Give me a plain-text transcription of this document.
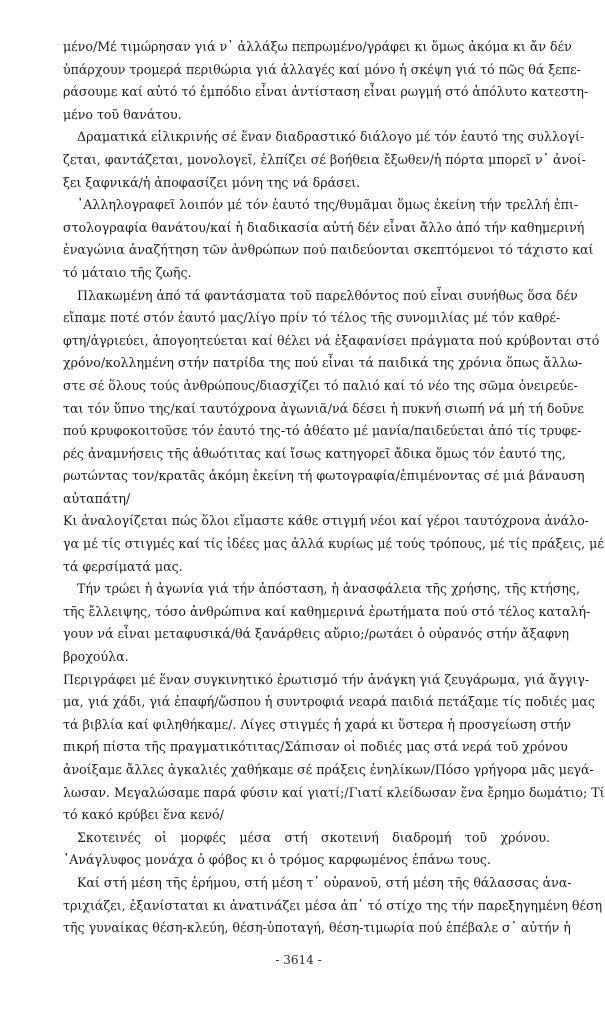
μένο/Μέ τιμώρησαν γιά ν᾽ ἀλλάξω πεπρωμένο/γράφει κι ὅμως ἀκόμα κι ἄν δέν
ὑπάρχουν τρομερά περιθώρια γιά ἀλλαγές καί μόνο ἡ σκέψη γιά τό πῶς θά ξεπε-
ράσουμε καί αὐτό τό ἐμπόδιο εἶναι ἀντίσταση εἶναι ρωγμή στό ἀπόλυτο κατεστη-
μένο τοῦ θανάτου.
Δραματικά εἰλικρινής σέ ἕναν διαδραστικό διάλογο μέ τόν ἑαυτό της συλλογί-
ζεται, φαντάζεται, μονολογεῖ, ἐλπίζει σέ βοήθεια ἔξωθεν/ἡ πόρτα μπορεῖ ν᾽ ἀνοί-
ξει ξαφνικά/ἡ ἀποφασίζει μόνη της νά δράσει.
᾽Αλληλογραφεῖ λοιπόν μέ τόν ἑαυτό της/θυμᾶμαι ὅμως ἐκείνη τήν τρελλή ἐπι-
στολογραφία θανάτου/καί ἡ διαδικασία αὐτή δέν εἶναι ἄλλο ἀπό τήν καθημερινή
ἐναγώνια ἀναζήτηση τῶν ἀνθρώπων πού παιδεύονται σκεπτόμενοι τό τάχιστο καί
τό μάταιο τῆς ζωῆς.
Πλακωμένη ἀπό τά φαντάσματα τοῦ παρελθόντος πού εἶναι συνήθως ὅσα δέν
εἴπαμε ποτέ στόν ἑαυτό μας/λίγο πρίν τό τέλος τῆς συνομιλίας μέ τόν καθρέ-
φτη/ἀγριεύει, ἀπογοητεύεται καί θέλει νά ἐξαφανίσει πράγματα πού κρύβονται στό
χρόνο/κολλημένη στήν πατρίδα της πού εἶναι τά παιδικά της χρόνια ὅπως ἄλλω-
στε σέ ὅλους τούς ἀνθρώπους/διασχίζει τό παλιό καί τό νέο της σῶμα ὀνειρεύε-
ται τόν ὕπνο της/καί ταυτόχρονα ἀγωνιᾶ/νά δέσει ἡ πυκνή σιωπή νά μή τή δοῦνε
πού κρυφοκοιτοῦσε τόν ἑαυτό της-τό ἀθέατο μέ μανία/παιδεύεται ἀπό τίς τρυφε-
ρές ἀναμνήσεις τῆς ἀθωότιτας καί ἴσως κατηγορεῖ ἄδικα ὅμως τόν ἑαυτό της,
ρωτώντας τον/κρατᾶς ἀκόμη ἐκείνη τή φωτογραφία/ἐπιμένοντας σέ μιά βάναυση
αὐταπάτη/
Κι ἀναλογίζεται πώς ὅλοι εἴμαστε κάθε στιγμή νέοι καί γέροι ταυτόχρονα ἀνάλο-
γα μέ τίς στιγμές καί τίς ἰδέες μας ἀλλά κυρίως μέ τούς τρόπους, μέ τίς πράξεις, μέ
τά φερσίματά μας.
Τήν τρώει ἡ ἀγωνία γιά τήν ἀπόσταση, ἡ ἀνασφάλεια τῆς χρήσης, τῆς κτήσης,
τῆς ἔλλειψης, τόσο ἀνθρώπινα καί καθημερινά ἐρωτήματα πού στό τέλος καταλή-
γουν νά εἶναι μεταφυσικά/θά ξανάρθεις αὔριο;/ρωτάει ὁ οὐρανός στήν ἄξαφνη
βροχούλα.
Περιγράφει μέ ἕναν συγκινητικό ἐρωτισμό τήν ἀνάγκη γιά ζευγάρωμα, γιά ἄγγιγ-
μα, γιά χάδι, γιά ἐπαφή/ὥσπου ἡ συντροφιά νεαρά παιδιά πετάξαμε τίς ποδιές μας
τά βιβλία καί φιληθήκαμε/. Λίγες στιγμές ἡ χαρά κι ὕστερα ἡ προσγείωση στήν
πικρή πίστα τῆς πραγματικότιτας/Σάπισαν οἱ ποδιές μας στά νερά τοῦ χρόνου
ἀνοίξαμε ἄλλες ἀγκαλιές χαθήκαμε σέ πράξεις ἐνηλίκων/Πόσο γρήγορα μᾶς μεγά-
λωσαν. Μεγαλώσαμε παρά φύσιν καί γιατί;/Γιατί κλείδωσαν ἕνα ἔρημο δωμάτιο; Τί
τό κακό κρύβει ἕνα κενό/
Σκοτεινές οἱ μορφές μέσα στή σκοτεινή διαδρομή τοῦ χρόνου.
᾽Ανάγλυφος μονάχα ὁ φόβος κι ὁ τρόμος καρφωμένος ἐπάνω τους.
Καί στή μέση τῆς ἐρήμου, στή μέση τ᾽ οὐρανοῦ, στή μέση τῆς θάλασσας ἀνα-
τριχιάζει, ἐξανίσταται κι ἀνατινάζει μέσα ἀπ᾽ τό στίχο της τήν παρεξηγημένη θέση
τῆς γυναίκας θέση-κλεύη, θέση-ὑποταγή, θέση-τιμωρία πού ἐπέβαλε σ᾽ αὐτήν ἡ
- 3614 -
